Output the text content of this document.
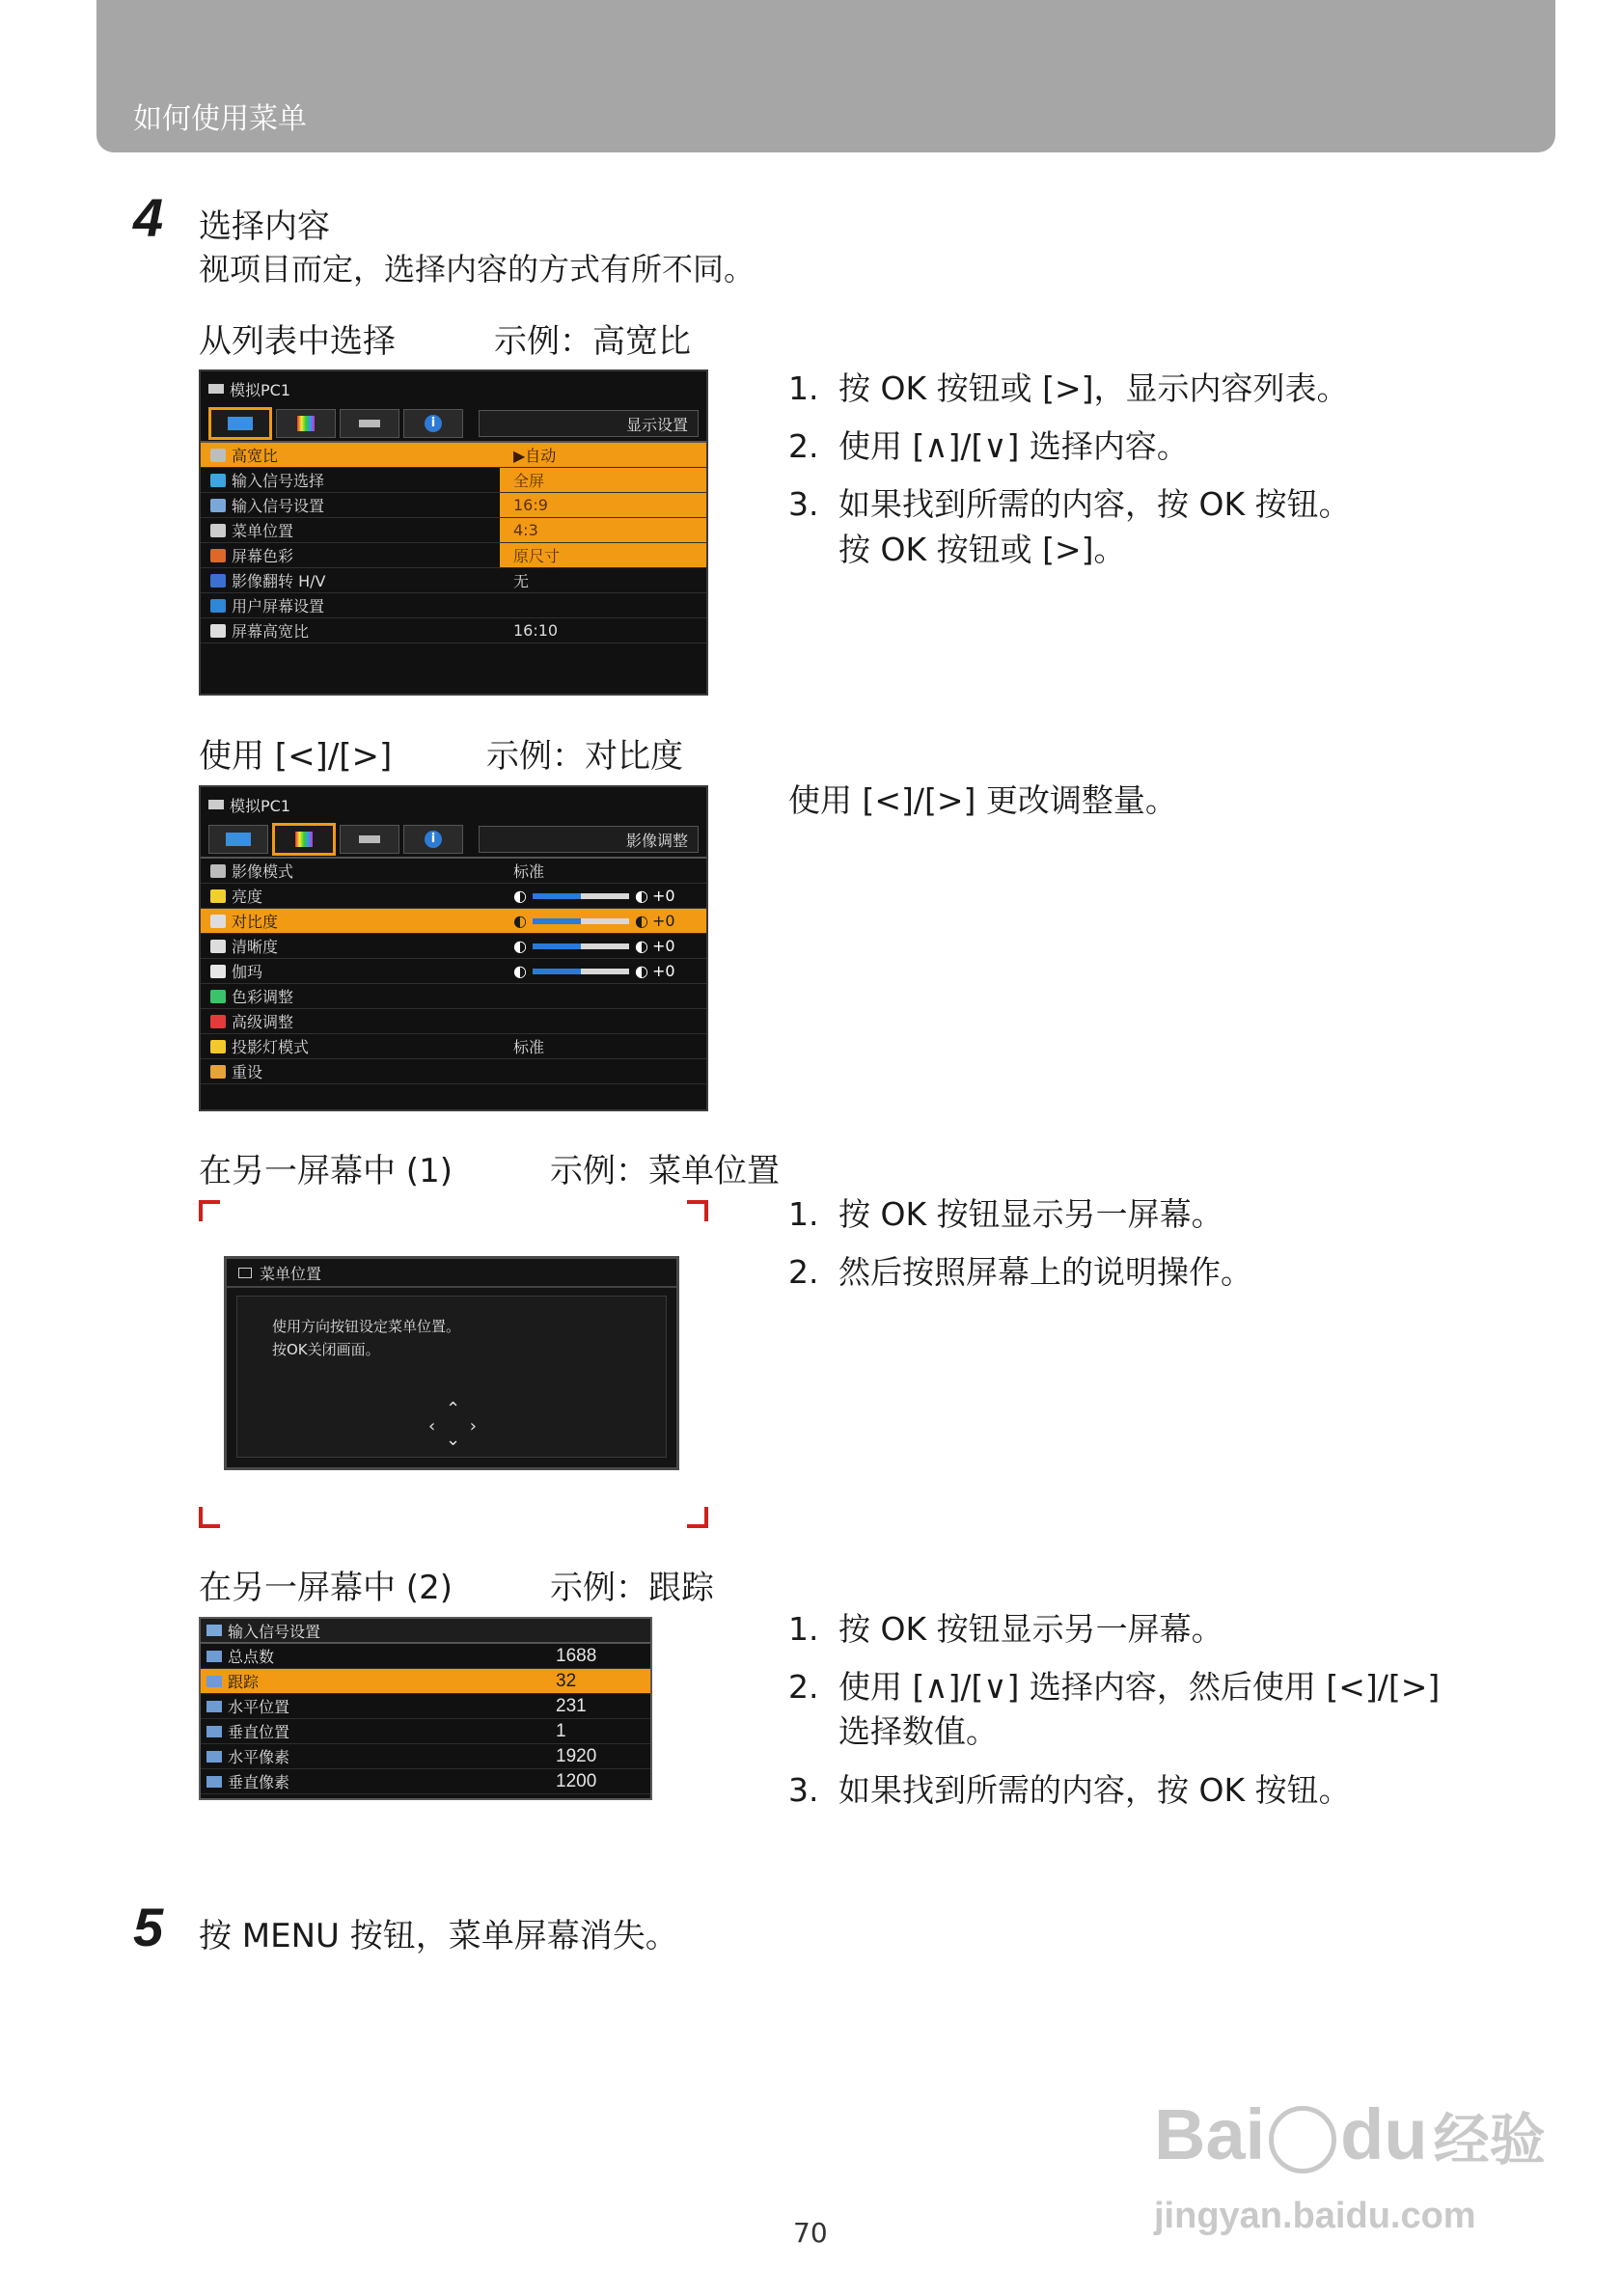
如何使用菜单
4 选择内容
视项目而定，选择内容的方式有所不同。
从列表中选择	示例：高宽比
模拟PC1
i	显示设置
高宽比	▶自动
输入信号选择	全屏
输入信号设置	16:9
菜单位置	4:3
屏幕色彩	原尺寸
影像翻转 H/V	无
用户屏幕设置
屏幕高宽比	16:10
1. 按 OK 按钮或 [>]，显示内容列表。
2. 使用 [∧]/[∨] 选择内容。
3. 如果找到所需的内容，按 OK 按钮。
按 OK 按钮或 [>]。
使用 [<]/[>]	示例：对比度
模拟PC1
i	影像调整
影像模式	标准
亮度	◐	◐ +0
对比度	◐	◐ +0
清晰度	◐	◐ +0
伽玛	◐	◐ +0
色彩调整
高级调整
投影灯模式	标准
重设
使用 [<]/[>] 更改调整量。
在另一屏幕中 (1)	示例：菜单位置
菜单位置
使用方向按钮设定菜单位置。
按OK关闭画面。
⌃
‹ ›
⌄
1. 按 OK 按钮显示另一屏幕。
2. 然后按照屏幕上的说明操作。
在另一屏幕中 (2)	示例：跟踪
输入信号设置
总点数	1688
跟踪	32
水平位置	231
垂直位置	1
水平像素	1920
垂直像素	1200
1. 按 OK 按钮显示另一屏幕。
2. 使用 [∧]/[∨] 选择内容，然后使用 [<]/[>]
选择数值。
3. 如果找到所需的内容，按 OK 按钮。
5 按 MENU 按钮，菜单屏幕消失。
70
Bai du 经验
jingyan.baidu.com
